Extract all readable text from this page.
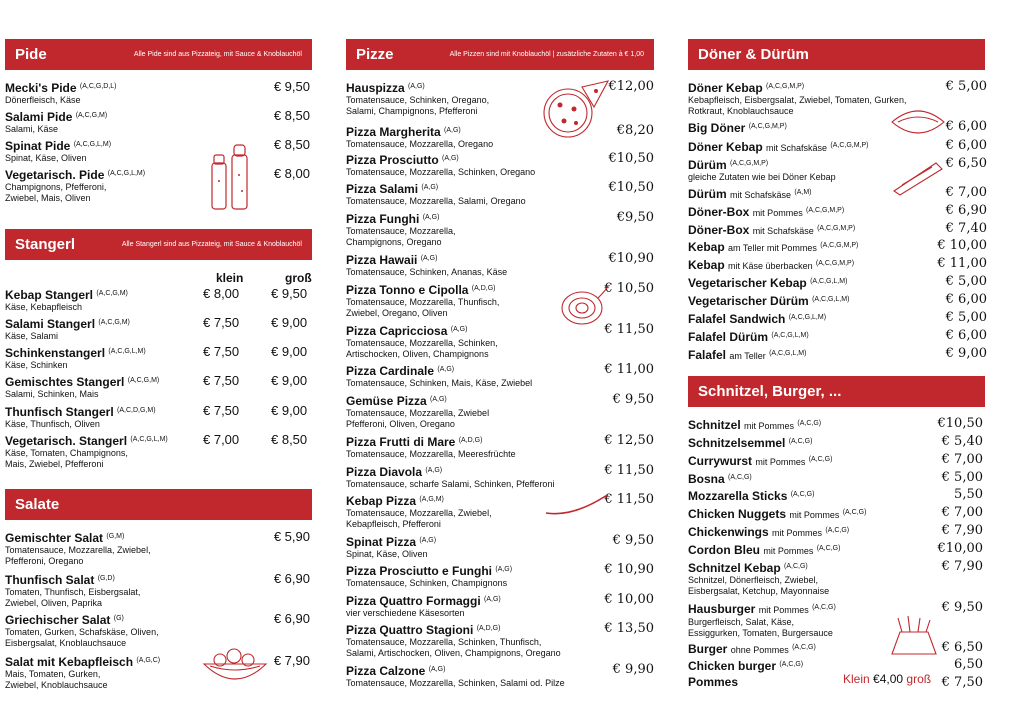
Pide	Alle Pide sind aus Pizzateig, mit Sauce & Knoblauchöl
Mecki's Pide $^{(A,C,G,D,L)}$
Dönerfleisch, Käse
€ 9,50
Salami Pide $^{(A,C,G,M)}$
Salami, Käse
€ 8,50
Spinat Pide $^{(A,C,G,L,M)}$
Spinat, Käse, Oliven
€ 8,50
Vegetarisch. Pide $^{(A,C,G,L,M)}$
Champignons, Pfefferoni,
Zwiebel, Mais, Oliven
€ 8,00
Stangerl	Alle Stangerl sind aus Pizzateig, mit Sauce & Knoblauchöl
klein	groß
Kebap Stangerl $^{(A,C,G,M)}$
Käse, Kebapfleisch
€ 8,00 € 9,50
Salami Stangerl $^{(A,C,G,M)}$
Käse, Salami
€ 7,50 € 9,00
Schinkenstangerl $^{(A,C,G,L,M)}$
Käse, Schinken
€ 7,50 € 9,00
Gemischtes Stangerl $^{(A,C,G,M)}$
Salami, Schinken, Mais
€ 7,50 € 9,00
Thunfisch Stangerl $^{(A,C,D,G,M)}$
Käse, Thunfisch, Oliven
€ 7,50 € 9,00
Vegetarisch. Stangerl $^{(A,C,G,L,M)}$
Käse, Tomaten, Champignons,
Mais, Zwiebel, Pfefferoni
€ 7,00 € 8,50
Salate
Gemischter Salat $^{(G,M)}$
Tomatensauce, Mozzarella, Zwiebel,
Pfefferoni, Oregano
€ 5,90
Thunfisch Salat $^{(G,D)}$
Tomaten, Thunfisch, Eisbergsalat,
Zwiebel, Oliven, Paprika
€ 6,90
Griechischer Salat $^{(G)}$
Tomaten, Gurken, Schafskäse, Oliven,
Eisbergsalat, Knoblauchsauce
€ 6,90
Salat mit Kebapfleisch $^{(A,G,C)}$
Mais, Tomaten, Gurken,
Zwiebel, Knoblauchsauce
€ 7,90
Pizze	Alle Pizzen sind mit Knoblauchöl | zusätzliche Zutaten à € 1,00
Hauspizza $^{(A,G)}$
Tomatensauce, Schinken, Oregano,
Salami, Champignons, Pfefferoni
€12,00
Pizza Margherita $^{(A,G)}$
Tomatensauce, Mozzarella, Oregano
€8,20
Pizza Prosciutto $^{(A,G)}$
Tomatensauce, Mozzarella, Schinken, Oregano
€10,50
Pizza Salami $^{(A,G)}$
Tomatensauce, Mozzarella, Salami, Oregano
€10,50
Pizza Funghi $^{(A,G)}$
Tomatensauce, Mozzarella,
Champignons, Oregano
€9,50
Pizza Hawaii $^{(A,G)}$
Tomatensauce, Schinken, Ananas, Käse
€10,90
Pizza Tonno e Cipolla $^{(A,D,G)}$
Tomatensauce, Mozzarella, Thunfisch,
Zwiebel, Oregano, Oliven
€ 10,50
Pizza Capricciosa $^{(A,G)}$
Tomatensauce, Mozzarella, Schinken,
Artischocken, Oliven, Champignons
€ 11,50
Pizza Cardinale $^{(A,G)}$
Tomatensauce, Schinken, Mais, Käse, Zwiebel
€ 11,00
Gemüse Pizza $^{(A,G)}$
Tomatensauce, Mozzarella, Zwiebel
Pfefferoni, Oliven, Oregano
€ 9,50
Pizza Frutti di Mare $^{(A,D,G)}$
Tomatensauce, Mozzarella, Meeresfrüchte
€ 12,50
Pizza Diavola $^{(A,G)}$
Tomatensauce, scharfe Salami, Schinken, Pfefferoni
€ 11,50
Kebap Pizza $^{(A,G,M)}$
Tomatensauce, Mozzarella, Zwiebel,
Kebapfleisch, Pfefferoni
€ 11,50
Spinat Pizza $^{(A,G)}$
Spinat, Käse, Oliven
€ 9,50
Pizza Prosciutto e Funghi $^{(A,G)}$
Tomatensauce, Schinken, Champignons
€ 10,90
Pizza Quattro Formaggi $^{(A,G)}$
vier verschiedene Käsesorten
€ 10,00
Pizza Quattro Stagioni $^{(A,D,G)}$
Tomatensauce, Mozzarella, Schinken, Thunfisch,
Salami, Artischocken, Oliven, Champignons, Oregano
€ 13,50
Pizza Calzone $^{(A,G)}$
Tomatensauce, Mozzarella, Schinken, Salami od. Pilze
€ 9,90
Döner & Dürüm
Döner Kebap $^{(A,C,G,M,P)}$
Kebapfleisch, Eisbergsalat, Zwiebel, Tomaten, Gurken,
Rotkraut, Knoblauchsauce
€ 5,00
Big Döner $^{(A,C,G,M,P)}$	€ 6,00
Döner Kebap mit Schafskäse $^{(A,C,G,M,P)}$	€ 6,00
Dürüm $^{(A,C,G,M,P)}$
gleiche Zutaten wie bei Döner Kebap
€ 6,50
Dürüm mit Schafskäse $^{(A,M)}$	€ 7,00
Döner-Box mit Pommes $^{(A,C,G,M,P)}$	€ 6,90
Döner-Box mit Schafskäse $^{(A,C,G,M,P)}$	€ 7,40
Kebap am Teller mit Pommes $^{(A,C,G,M,P)}$	€ 10,00
Kebap mit Käse überbacken $^{(A,C,G,M,P)}$	€ 11,00
Vegetarischer Kebap $^{(A,C,G,L,M)}$	€ 5,00
Vegetarischer Dürüm $^{(A,C,G,L,M)}$	€ 6,00
Falafel Sandwich $^{(A,C,G,L,M)}$	€ 5,00
Falafel Dürüm $^{(A,C,G,L,M)}$	€ 6,00
Falafel am Teller $^{(A,C,G,L,M)}$	€ 9,00
Schnitzel, Burger, ...
Schnitzel mit Pommes $^{(A,C,G)}$	€10,50
Schnitzelsemmel $^{(A,C,G)}$	€ 5,40
Currywurst mit Pommes $^{(A,C,G)}$	€ 7,00
Bosna $^{(A,C,G)}$	€ 5,00
Mozzarella Sticks $^{(A,C,G)}$	5,50
Chicken Nuggets mit Pommes $^{(A,C,G)}$	€ 7,00
Chickenwings mit Pommes $^{(A,C,G)}$	€ 7,90
Cordon Bleu mit Pommes $^{(A,C,G)}$	€10,00
Schnitzel Kebap $^{(A,C,G)}$
Schnitzel, Dönerfleisch, Zwiebel,
Eisbergsalat, Ketchup, Mayonnaise
€ 7,90
Hausburger mit Pommes $^{(A,C,G)}$
Burgerfleisch, Salat, Käse,
Essiggurken, Tomaten, Burgersauce
€ 9,50
Burger ohne Pommes $^{(A,C,G)}$	€ 6,50
Chicken burger $^{(A,C,G)}$	6,50
Pommes	€ 7,50
Klein €4,00 groß
